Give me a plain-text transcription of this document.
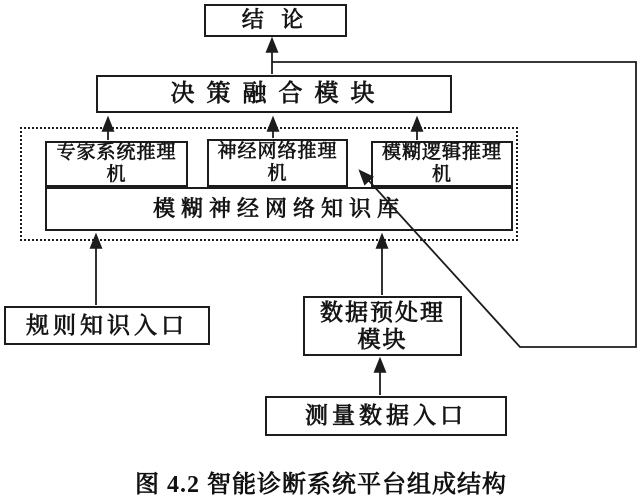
结 论
决 策 融 合 模 块
专家系统推理
机
神经网络推理
机
模糊逻辑推理
机
模糊神经网络知识库
规则知识入口
数据预处理
模块
测量数据入口
图 4.2 智能诊断系统平台组成结构
